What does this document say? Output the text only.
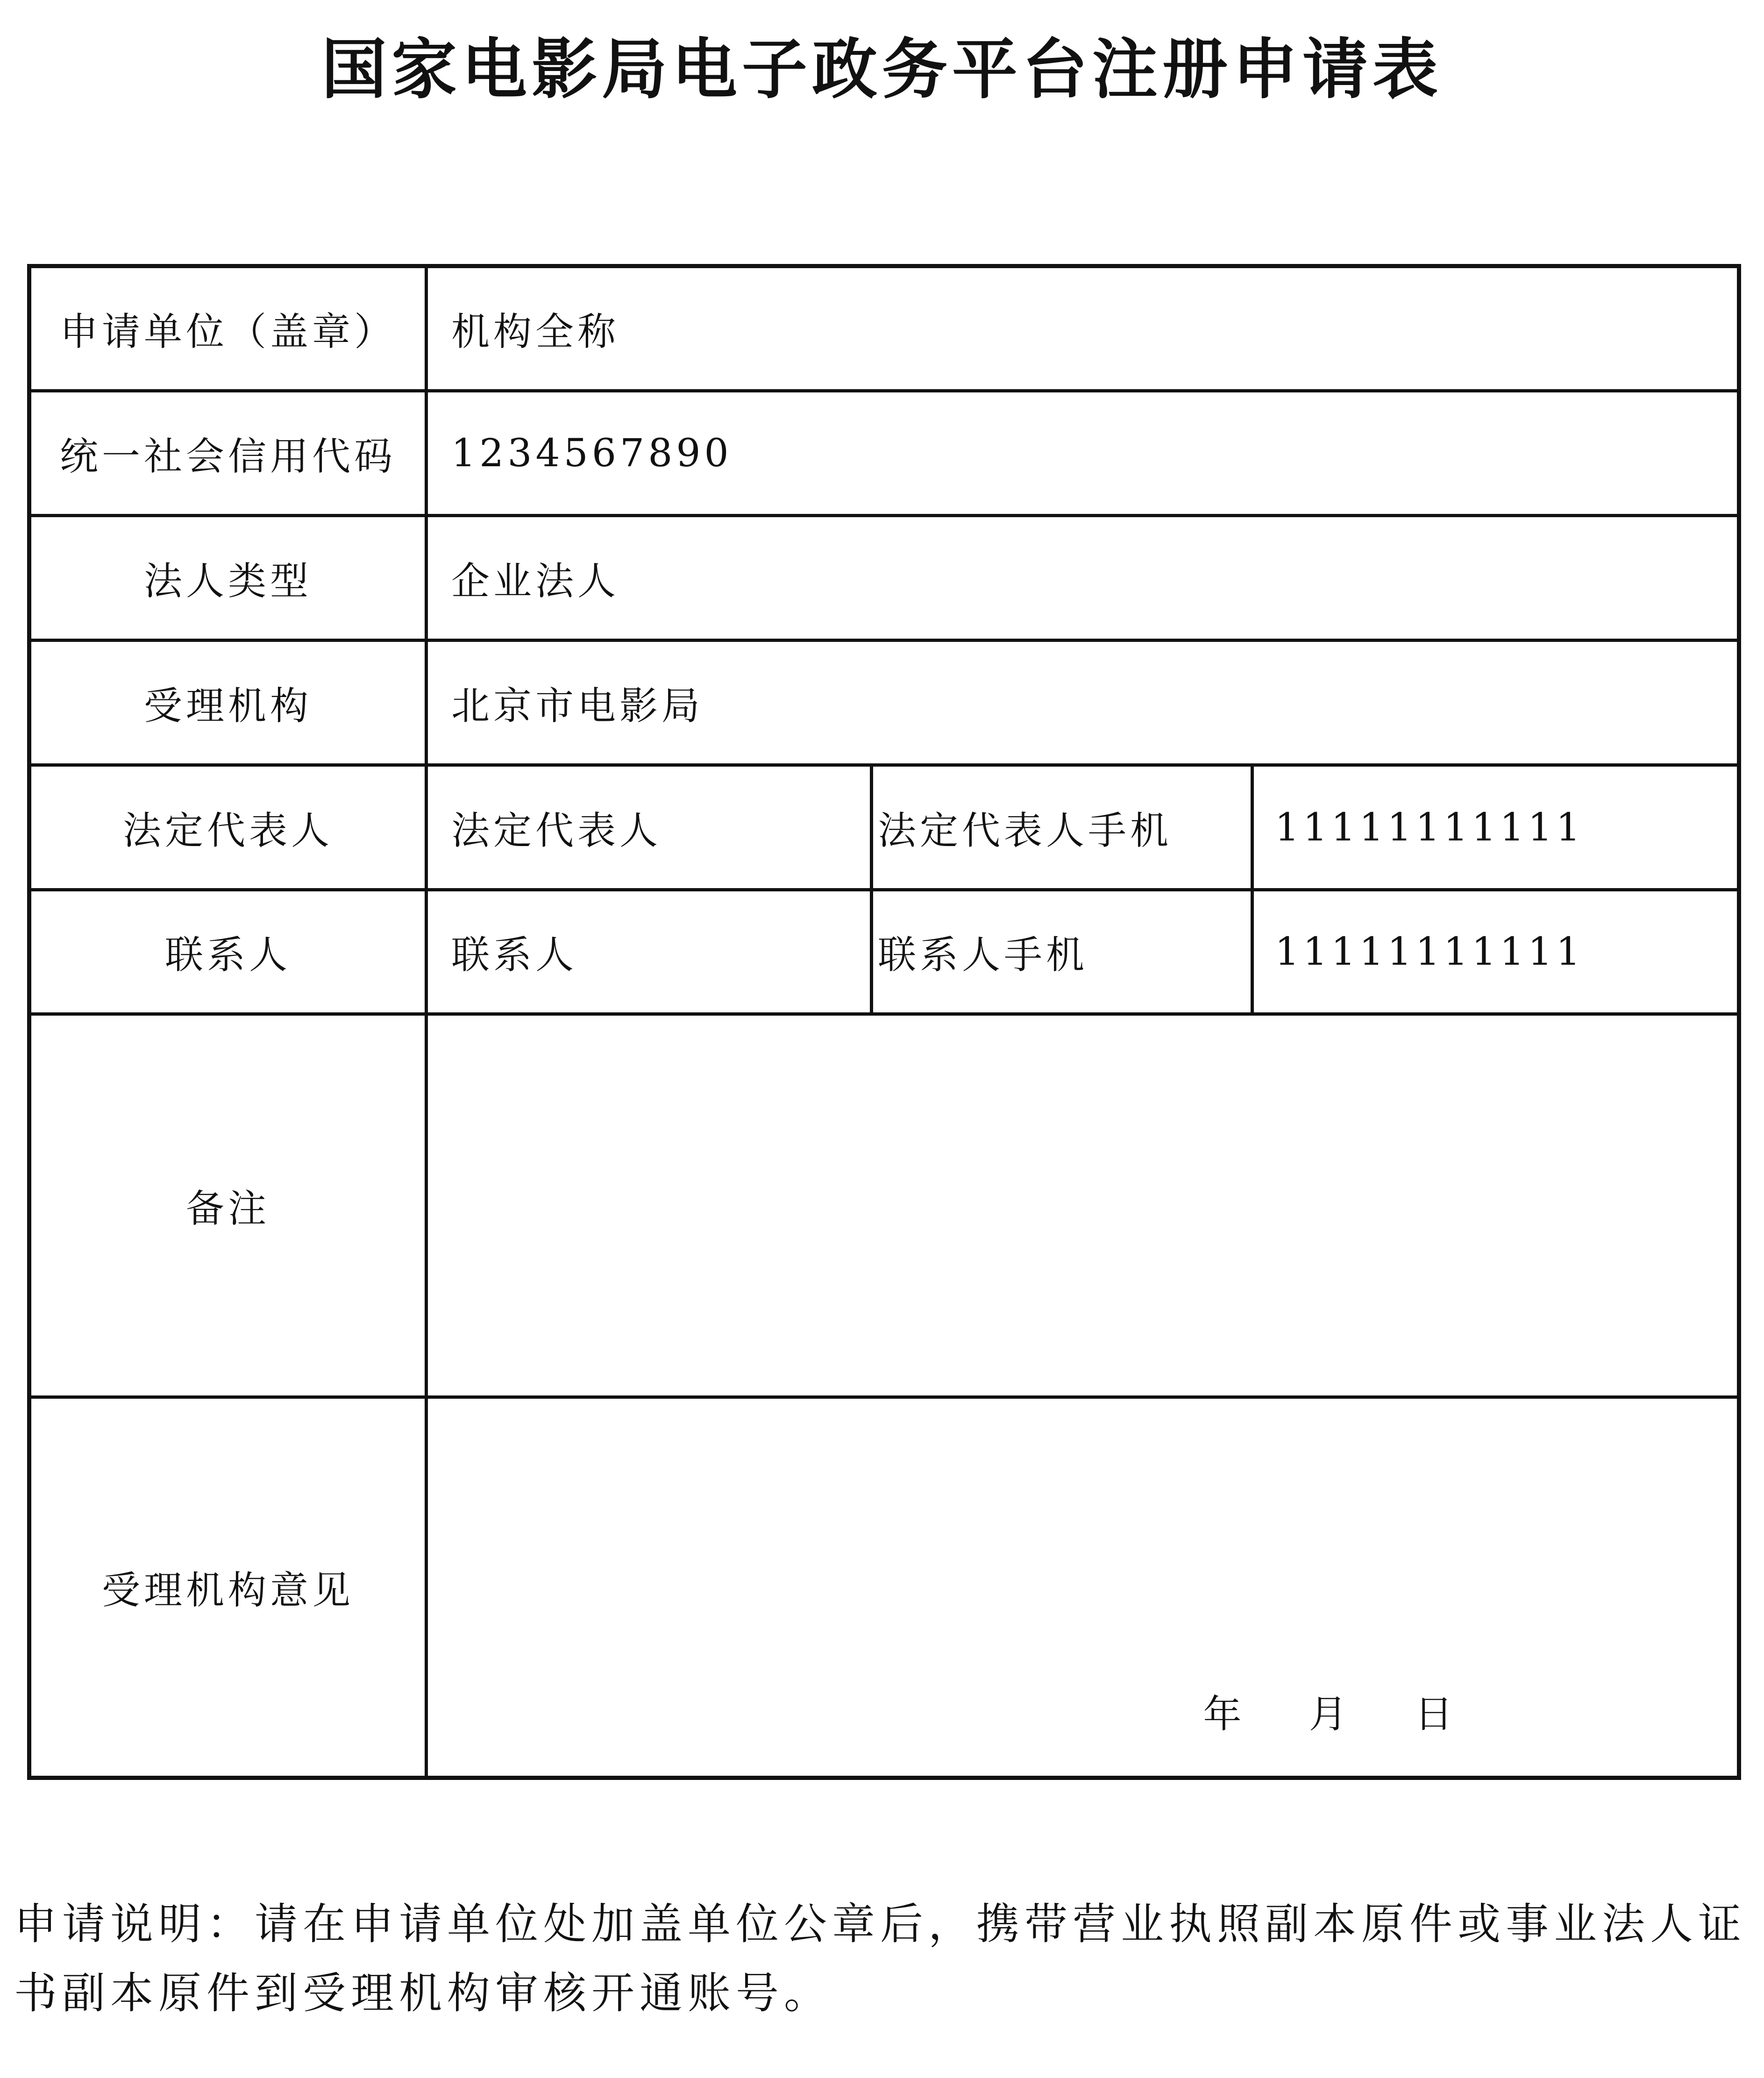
国家电影局电子政务平台注册申请表
申请单位（盖章）	机构全称		
统一社会信用代码	1234567890		
法人类型	企业法人		
受理机构	北京市电影局		
法定代表人	法定代表人	法定代表人手机	11111111111
联系人	联系人	联系人手机	11111111111
备注			
受理机构意见	年    月    日		
申请说明：请在申请单位处加盖单位公章后，携带营业执照副本原件或事业法人证书副本原件到受理机构审核开通账号。
